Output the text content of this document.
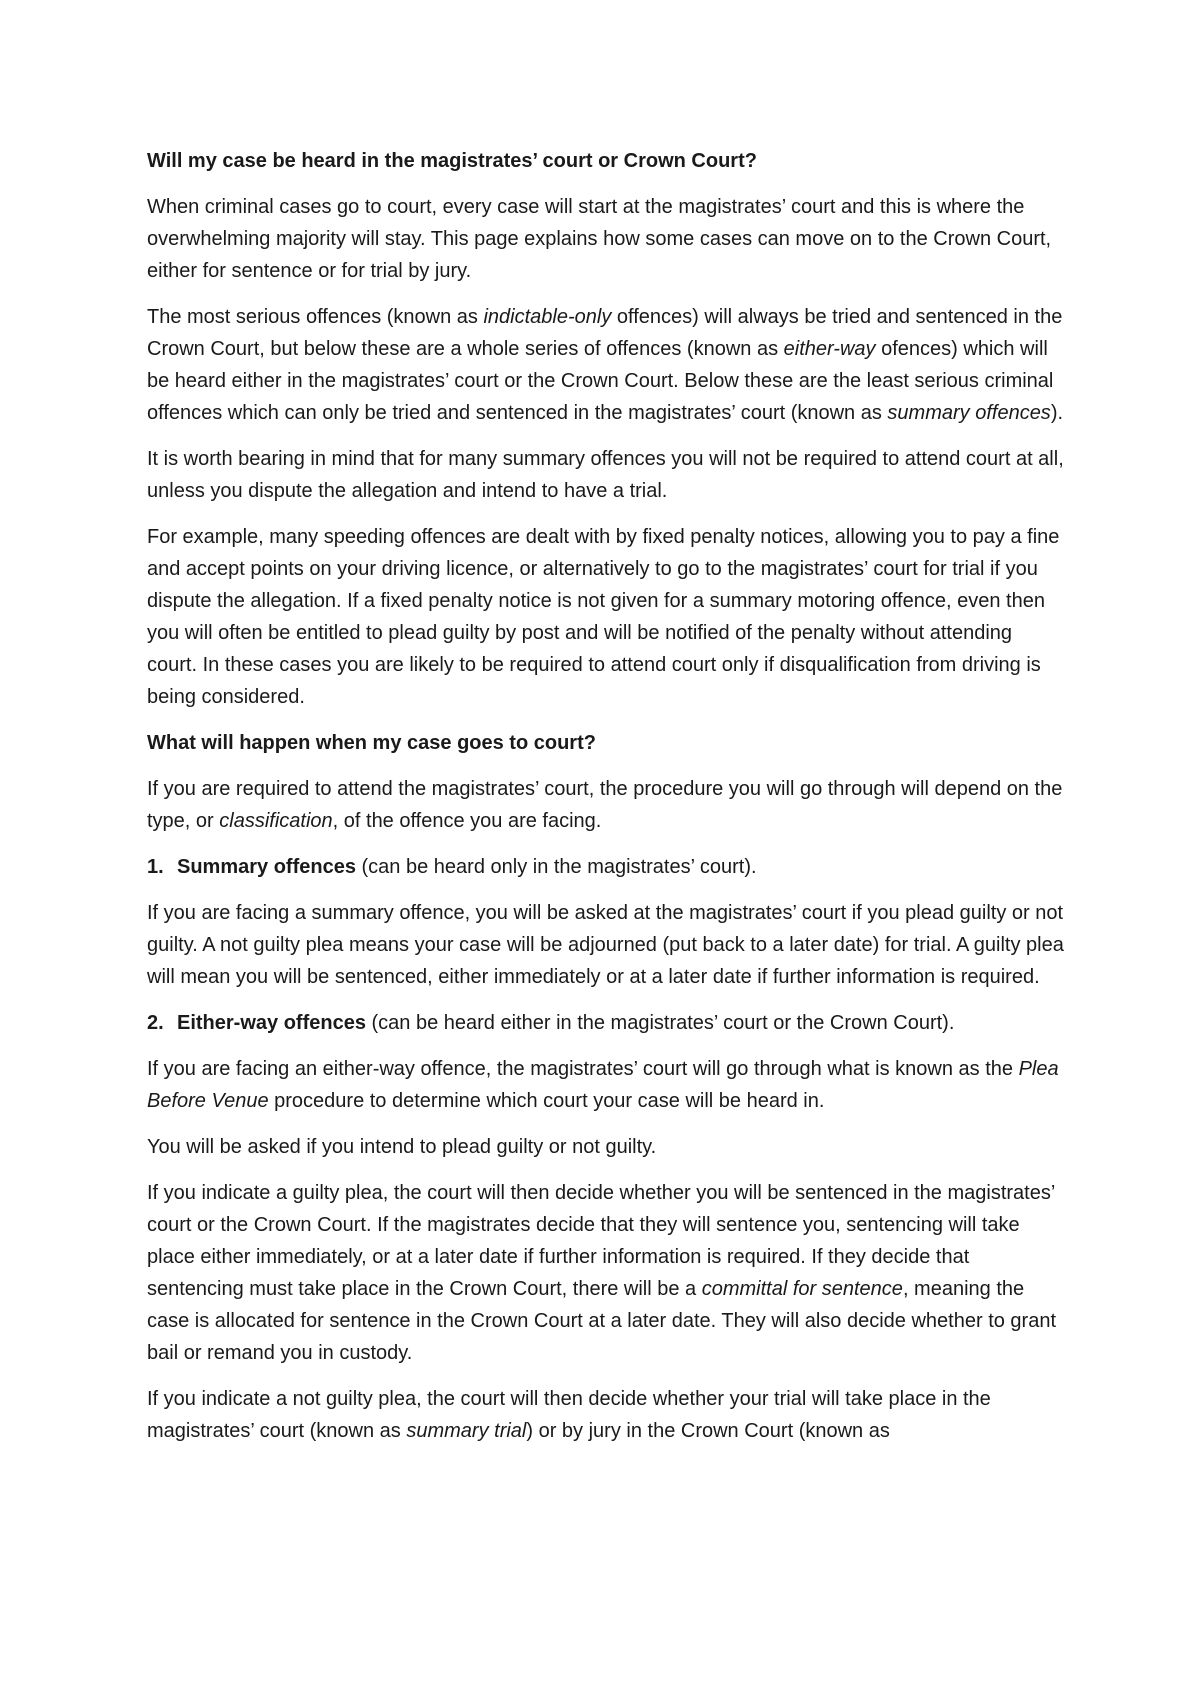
Will my case be heard in the magistrates’ court or Crown Court?

When criminal cases go to court, every case will start at the magistrates’ court and this is where the overwhelming majority will stay. This page explains how some cases can move on to the Crown Court, either for sentence or for trial by jury.

The most serious offences (known as indictable-only offences) will always be tried and sentenced in the Crown Court, but below these are a whole series of offences (known as either-way ofences) which will be heard either in the magistrates’ court or the Crown Court. Below these are the least serious criminal offences which can only be tried and sentenced in the magistrates’ court (known as summary offences).

It is worth bearing in mind that for many summary offences you will not be required to attend court at all, unless you dispute the allegation and intend to have a trial.

For example, many speeding offences are dealt with by fixed penalty notices, allowing you to pay a fine and accept points on your driving licence, or alternatively to go to the magistrates’ court for trial if you dispute the allegation. If a fixed penalty notice is not given for a summary motoring offence, even then you will often be entitled to plead guilty by post and will be notified of the penalty without attending court. In these cases you are likely to be required to attend court only if disqualification from driving is being considered.

What will happen when my case goes to court?

If you are required to attend the magistrates’ court, the procedure you will go through will depend on the type, or classification, of the offence you are facing.

1. Summary offences (can be heard only in the magistrates’ court).

If you are facing a summary offence, you will be asked at the magistrates’ court if you plead guilty or not guilty. A not guilty plea means your case will be adjourned (put back to a later date) for trial. A guilty plea will mean you will be sentenced, either immediately or at a later date if further information is required.

2. Either-way offences (can be heard either in the magistrates’ court or the Crown Court).

If you are facing an either-way offence, the magistrates’ court will go through what is known as the Plea Before Venue procedure to determine which court your case will be heard in.

You will be asked if you intend to plead guilty or not guilty.

If you indicate a guilty plea, the court will then decide whether you will be sentenced in the magistrates’ court or the Crown Court. If the magistrates decide that they will sentence you, sentencing will take place either immediately, or at a later date if further information is required. If they decide that sentencing must take place in the Crown Court, there will be a committal for sentence, meaning the case is allocated for sentence in the Crown Court at a later date. They will also decide whether to grant bail or remand you in custody.

If you indicate a not guilty plea, the court will then decide whether your trial will take place in the magistrates’ court (known as summary trial) or by jury in the Crown Court (known as
